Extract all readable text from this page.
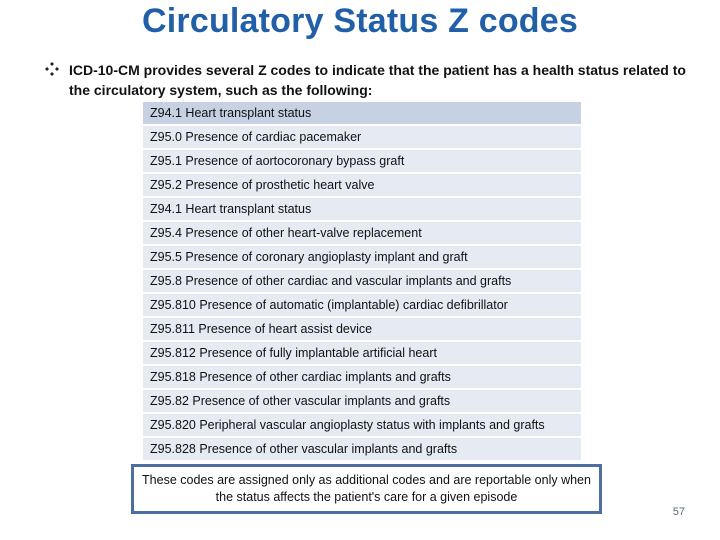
Circulatory Status Z codes
ICD-10-CM provides several Z codes to indicate that the patient has a health status related to the circulatory system, such as the following:
Z94.1 Heart transplant status
Z95.0 Presence of cardiac pacemaker
Z95.1 Presence of aortocoronary bypass graft
Z95.2 Presence of prosthetic heart valve
Z94.1 Heart transplant status
Z95.4 Presence of other heart-valve replacement
Z95.5 Presence of coronary angioplasty implant and graft
Z95.8 Presence of other cardiac and vascular implants and grafts
Z95.810 Presence of automatic (implantable) cardiac defibrillator
Z95.811 Presence of heart assist device
Z95.812 Presence of fully implantable artificial heart
Z95.818 Presence of other cardiac implants and grafts
Z95.82 Presence of other vascular implants and grafts
Z95.820 Peripheral vascular angioplasty status with implants and grafts
Z95.828 Presence of other vascular implants and grafts
These codes are assigned only as additional codes and are reportable only when the status affects the patient's care for a given episode
57
